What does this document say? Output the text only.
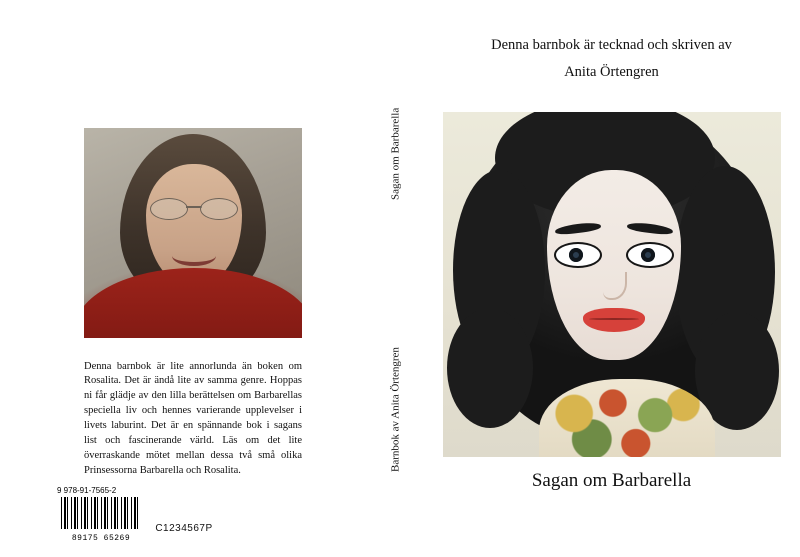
Denna barnbok är lite annorlunda än boken om Rosalita. Det är ändå lite av samma genre. Hoppas ni får glädje av den lilla berättelsen om Barbarellas speciella liv och hennes varierande upplevelser i livets laburint. Det är en spännande bok i sagans list och fascinerande värld. Läs om det lite överraskande mötet mellan dessa två små olika Prinsessorna Barbarella och Rosalita.

9 978-91-7565-2
89175 65269
C1234567P
Sagan om Barbarella
Barnbok av Anita Örtengren
Denna barnbok är tecknad och skriven av
Anita Örtengren
Sagan om Barbarella
